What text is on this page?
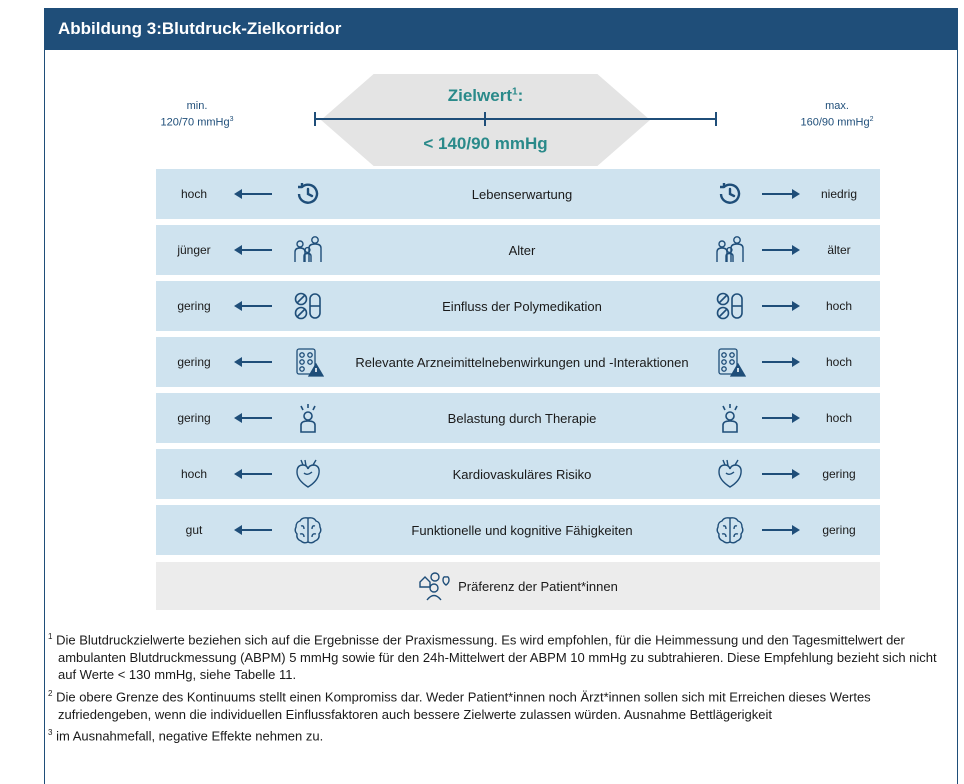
Abbildung 3:Blutdruck-Zielkorridor
Zielwert$^1$:
< 140/90 mmHg
min.
120/70 mmHg$^3$
max.
160/90 mmHg$^2$
hoch	Lebenserwartung	niedrig
jünger	Alter	älter
gering	Einfluss der Polymedikation	hoch
gering	Relevante Arzneimittelnebenwirkungen und -Interaktionen	hoch
gering	Belastung durch Therapie	hoch
hoch	Kardiovaskuläres Risiko	gering
gut	Funktionelle und kognitive Fähigkeiten	gering
Präferenz der Patient*innen
$^1$ Die Blutdruckzielwerte beziehen sich auf die Ergebnisse der Praxismessung. Es wird empfohlen, für die Heimmessung und den Tagesmittelwert der ambulanten Blutdruckmessung (ABPM) 5 mmHg sowie für den 24h-Mittelwert der ABPM 10 mmHg zu subtrahieren. Diese Empfehlung bezieht sich nicht auf Werte < 130 mmHg, siehe Tabelle 11.
$^2$ Die obere Grenze des Kontinuums stellt einen Kompromiss dar. Weder Patient*innen noch Ärzt*innen sollen sich mit Erreichen dieses Wertes zufriedengeben, wenn die individuellen Einflussfaktoren auch bessere Zielwerte zulassen würden. Ausnahme Bettlägerigkeit
$^3$ im Ausnahmefall, negative Effekte nehmen zu.
